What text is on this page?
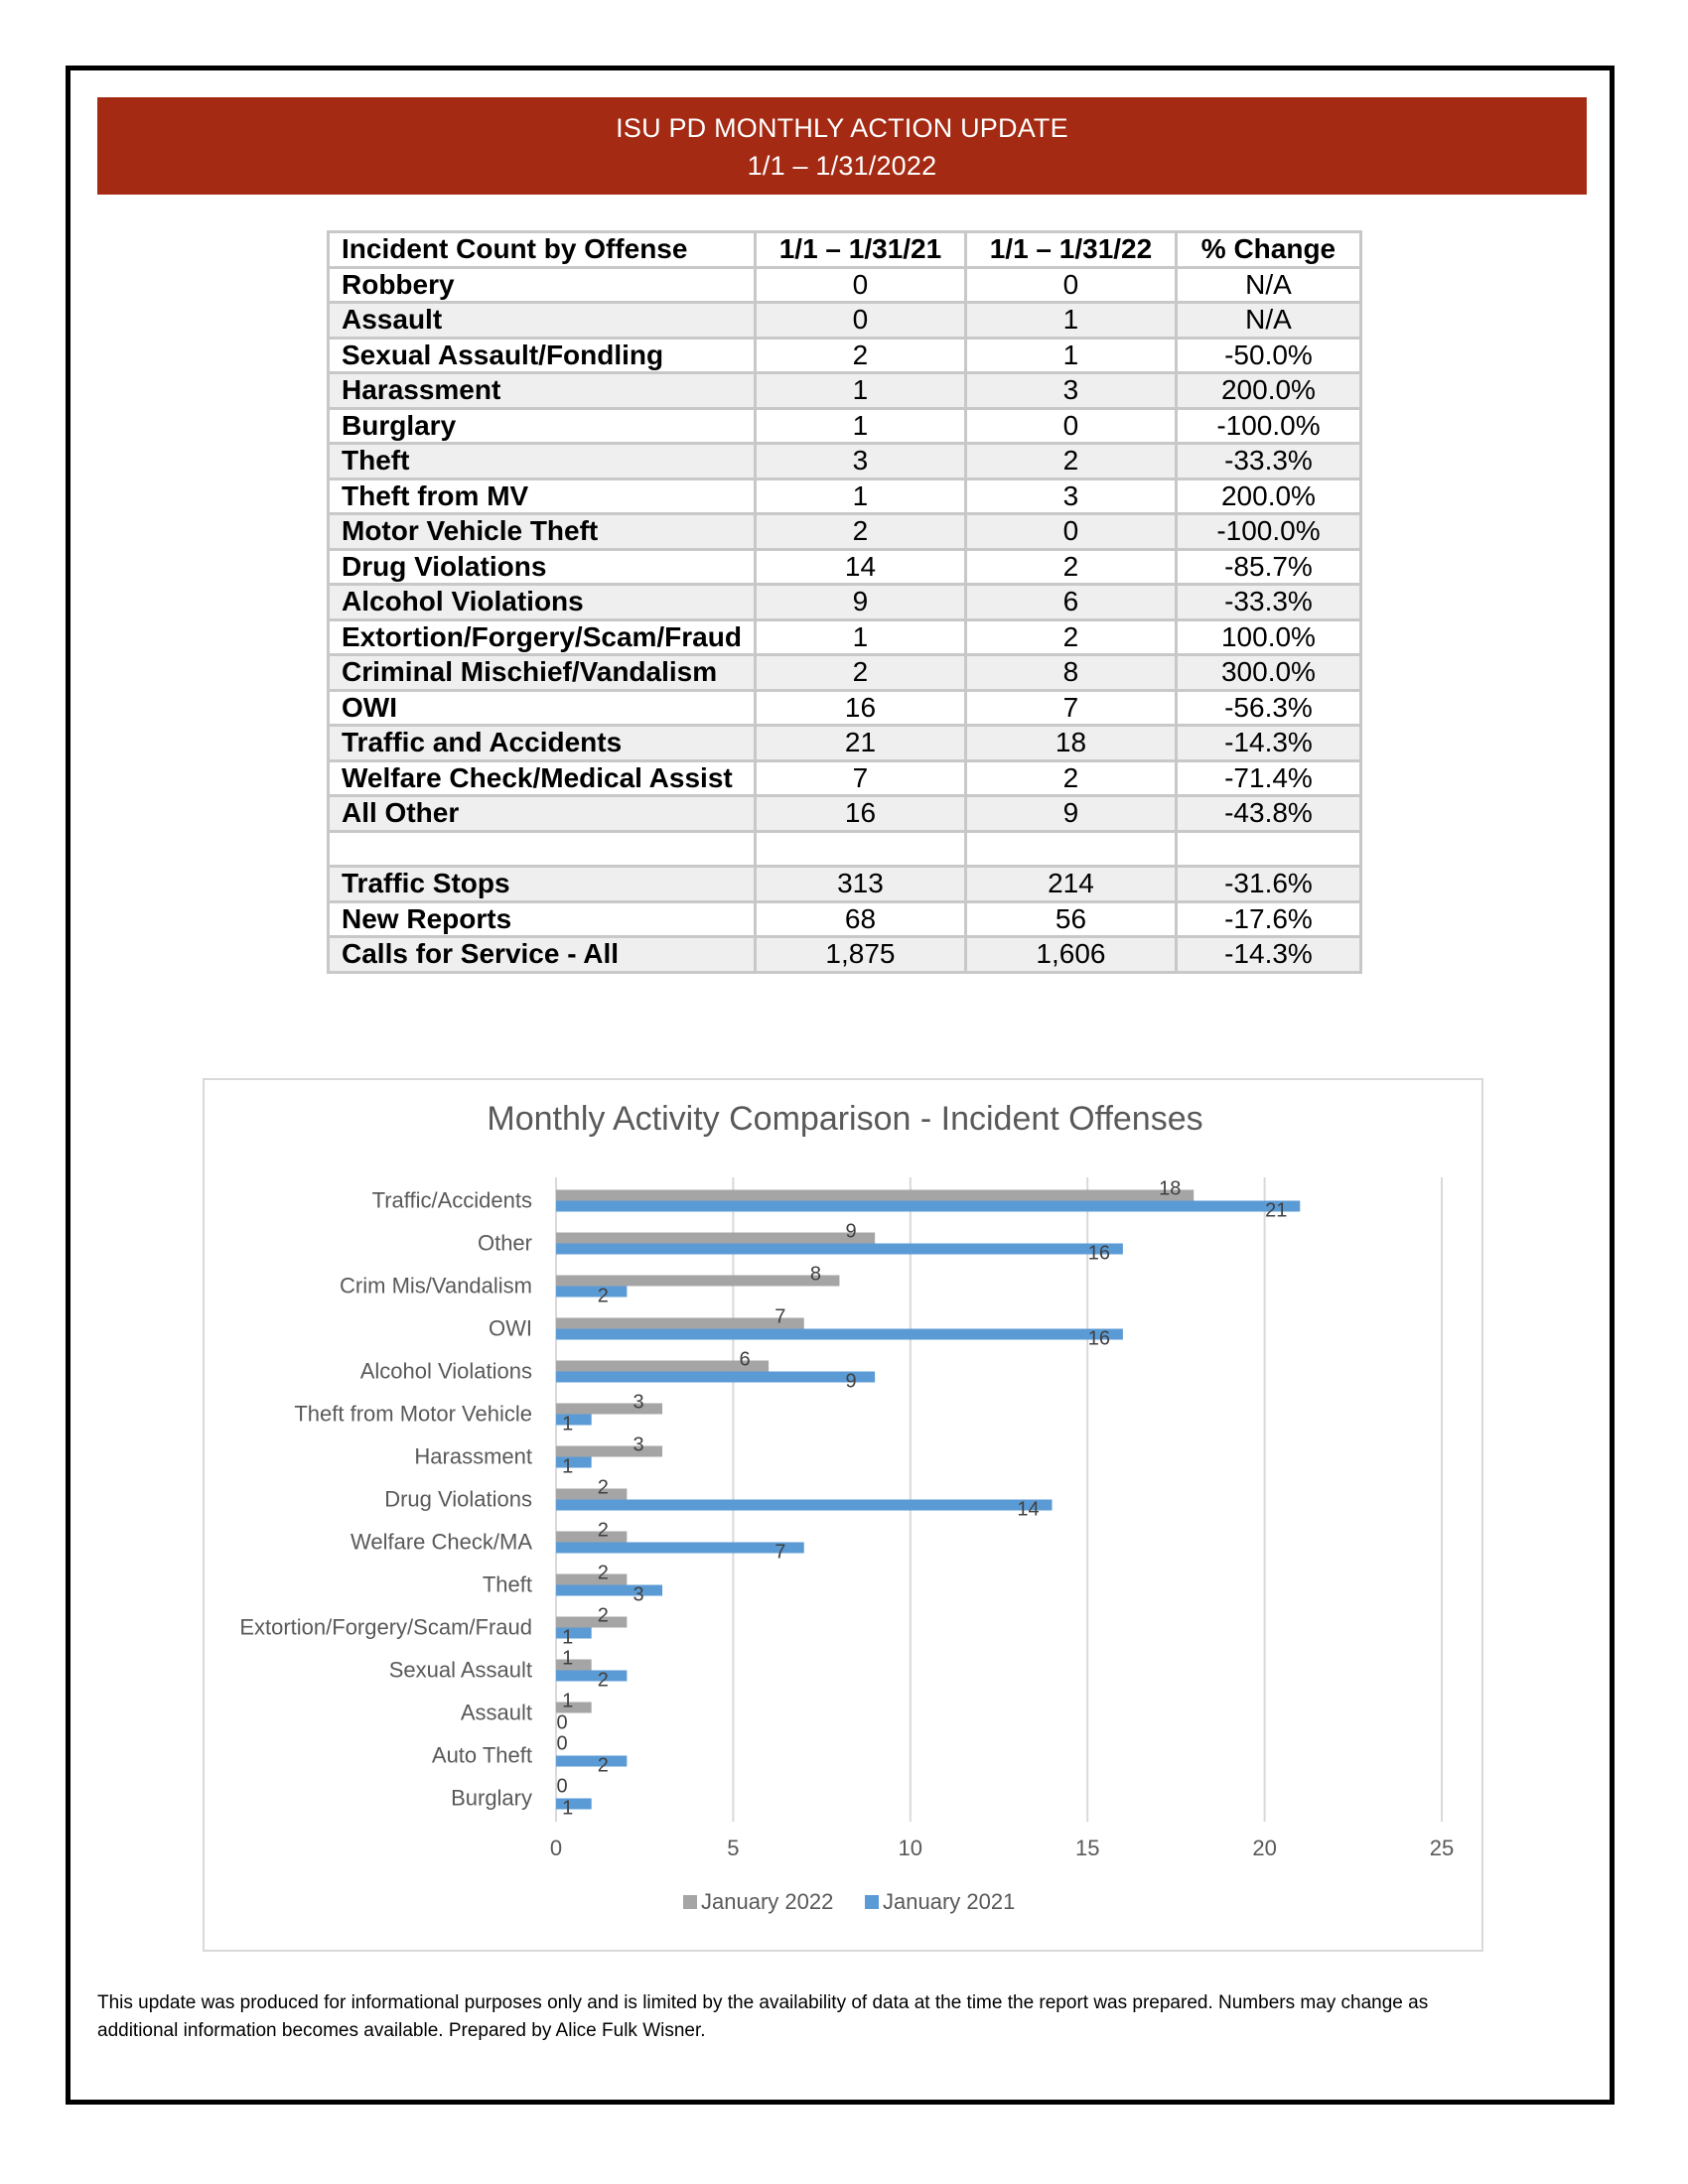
ISU PD MONTHLY ACTION UPDATE
1/1 – 1/31/2022
Incident Count by Offense	1/1 – 1/31/21	1/1 – 1/31/22	% Change
Robbery	0	0	N/A
Assault	0	1	N/A
Sexual Assault/Fondling	2	1	-50.0%
Harassment	1	3	200.0%
Burglary	1	0	-100.0%
Theft	3	2	-33.3%
Theft from MV	1	3	200.0%
Motor Vehicle Theft	2	0	-100.0%
Drug Violations	14	2	-85.7%
Alcohol Violations	9	6	-33.3%
Extortion/Forgery/Scam/Fraud	1	2	100.0%
Criminal Mischief/Vandalism	2	8	300.0%
OWI	16	7	-56.3%
Traffic and Accidents	21	18	-14.3%
Welfare Check/Medical Assist	7	2	-71.4%
All Other	16	9	-43.8%

Traffic Stops	313	214	-31.6%
New Reports	68	56	-17.6%
Calls for Service - All	1,875	1,606	-14.3%
Monthly Activity Comparison - Incident Offenses
0	5	10	15	20	25
Traffic/Accidents	18
21
Other	9
16
Crim Mis/Vandalism	8
2
OWI	7
16
Alcohol Violations	6
9
Theft from Motor Vehicle	3
1
Harassment	3
1
Drug Violations	2
14
Welfare Check/MA	2
7
Theft	2
3
Extortion/Forgery/Scam/Fraud	2
1
Sexual Assault 1
2
Assault 1
0
Auto Theft 0
2
Burglary 0
1
January 2022 January 2021
This update was produced for informational purposes only and is limited by the availability of data at the time the report was prepared. Numbers may change as
additional information becomes available. Prepared by Alice Fulk Wisner.
